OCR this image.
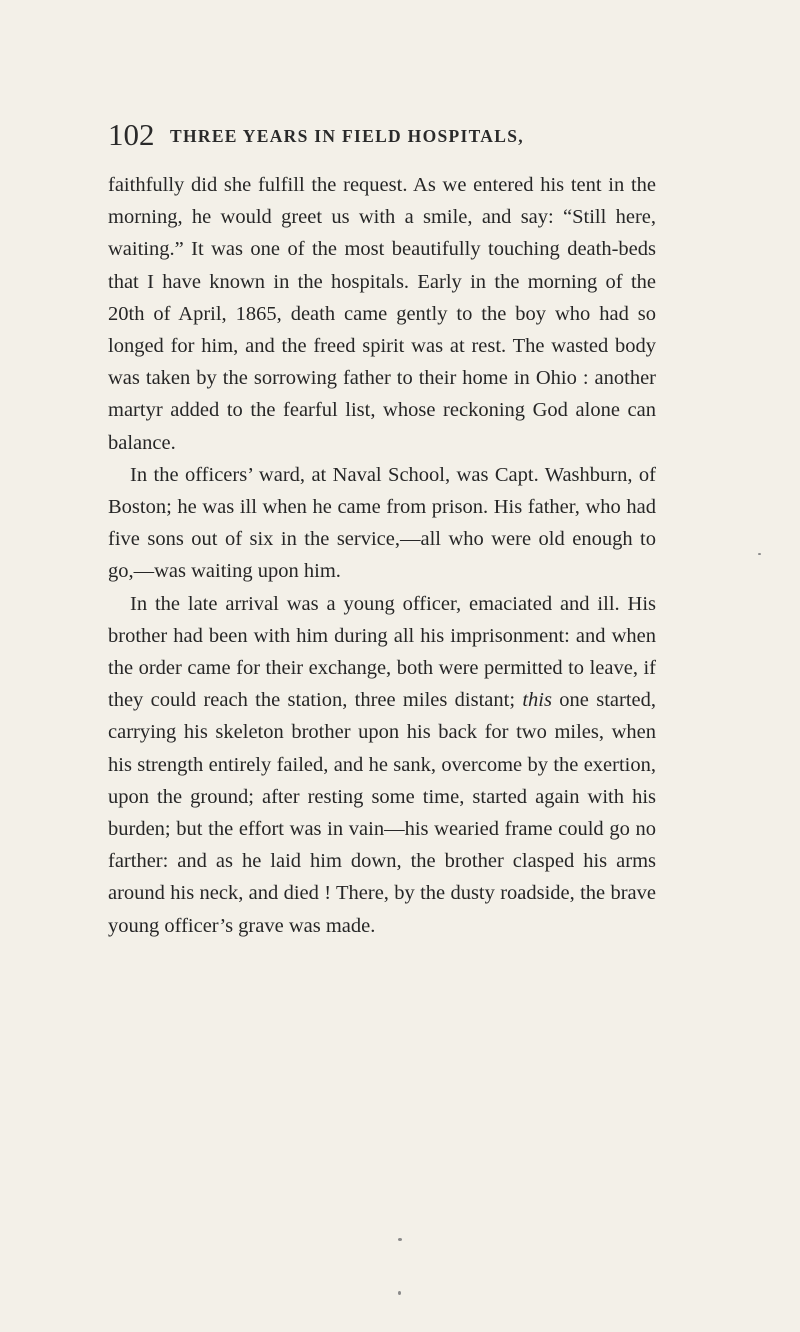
102 THREE YEARS IN FIELD HOSPITALS,

faithfully did she fulfill the request. As we entered his tent in the morning, he would greet us with a smile, and say: “Still here, waiting.” It was one of the most beautifully touching death-beds that I have known in the hospitals. Early in the morning of the 20th of April, 1865, death came gently to the boy who had so longed for him, and the freed spirit was at rest. The wasted body was taken by the sorrowing father to their home in Ohio : another martyr added to the fearful list, whose reckoning God alone can balance.

In the officers’ ward, at Naval School, was Capt. Washburn, of Boston; he was ill when he came from prison. His father, who had five sons out of six in the service,—all who were old enough to go,—was waiting upon him.

In the late arrival was a young officer, emaciated and ill. His brother had been with him during all his imprisonment: and when the order came for their exchange, both were permitted to leave, if they could reach the station, three miles distant; this one started, carrying his skeleton brother upon his back for two miles, when his strength entirely failed, and he sank, overcome by the exertion, upon the ground; after resting some time, started again with his burden; but the effort was in vain—his wearied frame could go no farther: and as he laid him down, the brother clasped his arms around his neck, and died ! There, by the dusty roadside, the brave young officer’s grave was made.
